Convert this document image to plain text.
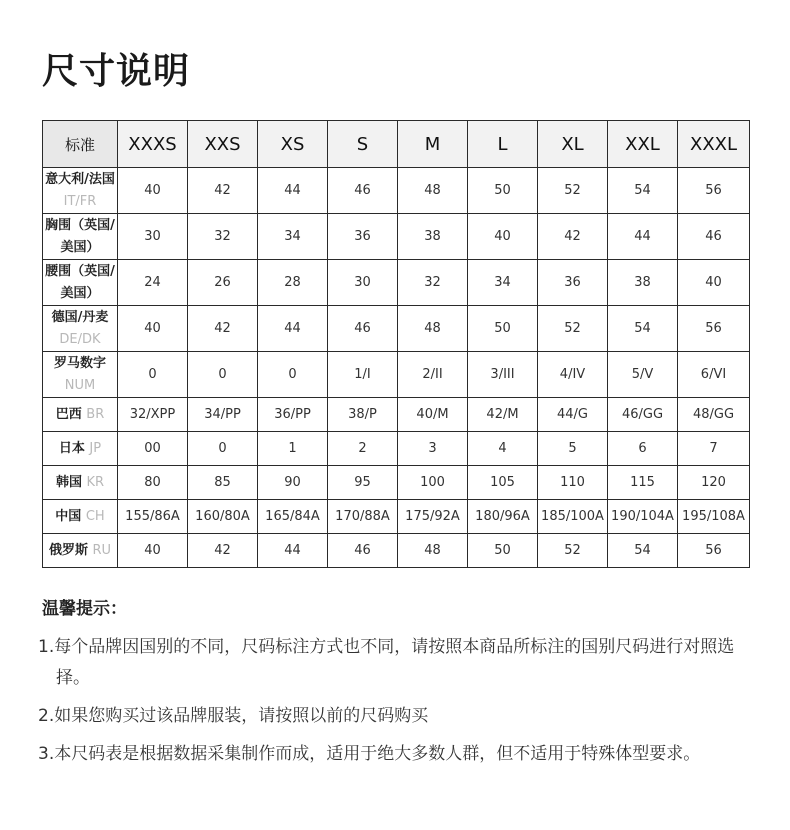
尺寸说明
标准	XXXS	XXS	XS	S	M	L	XL	XXL	XXXL
意大利/法国 IT/FR	40	42	44	46	48	50	52	54	56
胸围（英国/美国）	30	32	34	36	38	40	42	44	46
腰围（英国/美国）	24	26	28	30	32	34	36	38	40
德国/丹麦 DE/DK	40	42	44	46	48	50	52	54	56
罗马数字 NUM	0	0	0	1/I	2/II	3/III	4/IV	5/V	6/VI
巴西 BR	32/XPP	34/PP	36/PP	38/P	40/M	42/M	44/G	46/GG	48/GG
日本 JP	00	0	1	2	3	4	5	6	7
韩国 KR	80	85	90	95	100	105	110	115	120
中国 CH	155/86A	160/80A	165/84A	170/88A	175/92A	180/96A	185/100A	190/104A	195/108A
俄罗斯 RU	40	42	44	46	48	50	52	54	56
温馨提示：
1.每个品牌因国别的不同，尺码标注方式也不同，请按照本商品所标注的国别尺码进行对照选择。
2.如果您购买过该品牌服装，请按照以前的尺码购买
3.本尺码表是根据数据采集制作而成，适用于绝大多数人群，但不适用于特殊体型要求。
